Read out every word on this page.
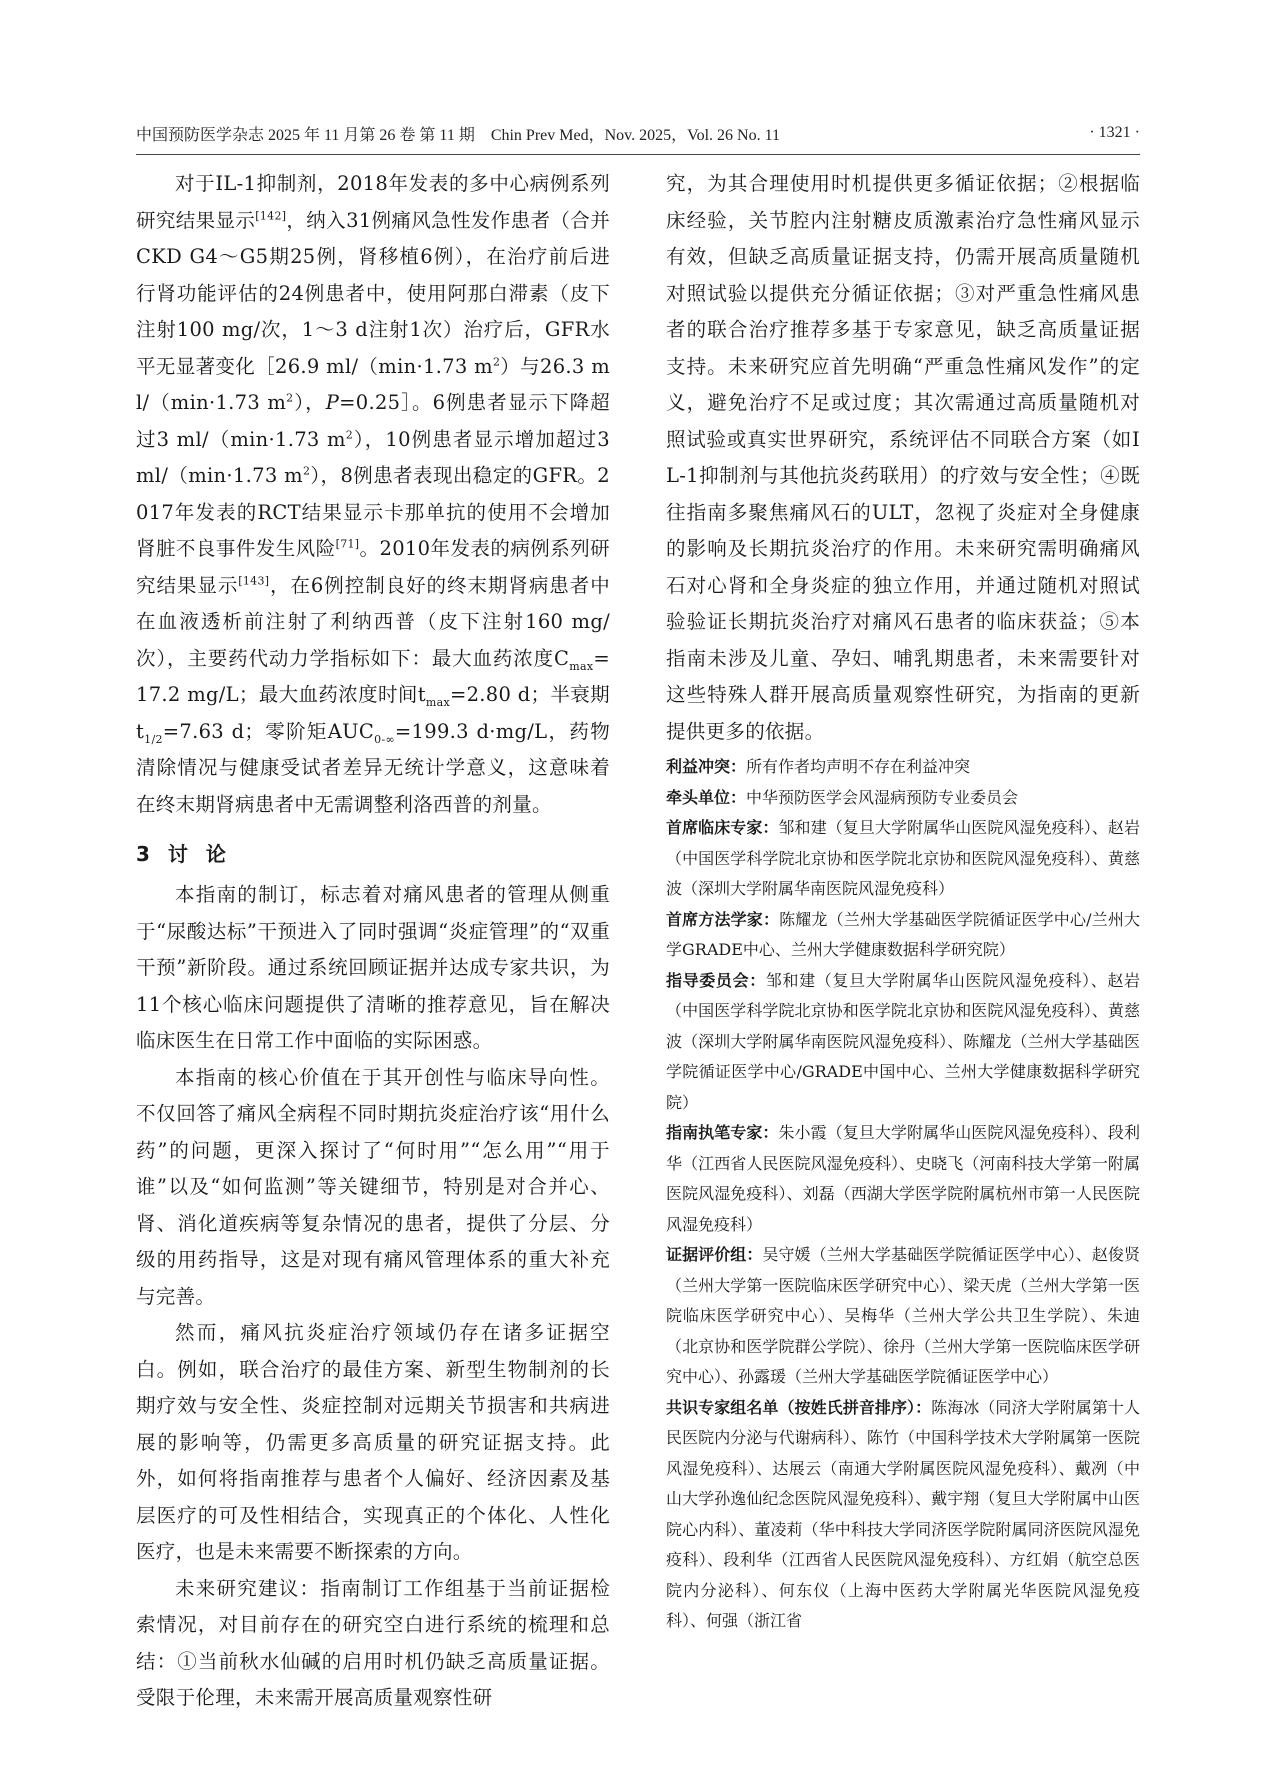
中国预防医学杂志 2025 年 11 月第 26 卷 第 11 期　Chin Prev Med，Nov. 2025，Vol. 26 No. 11	· 1321 ·

对于IL-1抑制剂，2018年发表的多中心病例系列研究结果显示[142]，纳入31例痛风急性发作患者（合并CKD G4～G5期25例，肾移植6例），在治疗前后进行肾功能评估的24例患者中，使用阿那白滞素（皮下注射100 mg/次，1～3 d注射1次）治疗后，GFR水平无显著变化［26.9 ml/（min·1.73 $m^2$）与26.3 ml/（min·1.73 $m^2$），P=0.25］。6例患者显示下降超过3 ml/（min·1.73 $m^2$），10例患者显示增加超过3 ml/（min·1.73 $m^2$），8例患者表现出稳定的GFR。2017年发表的RCT结果显示卡那单抗的使用不会增加肾脏不良事件发生风险[71]。2010年发表的病例系列研究结果显示[143]，在6例控制良好的终末期肾病患者中在血液透析前注射了利纳西普（皮下注射160 mg/次），主要药代动力学指标如下：最大血药浓度$C_{max}=17.2$ mg/L；最大血药浓度时间$t_{max}=2.80$ d；半衰期$t_{1/2}=7.63$ d；零阶矩$AUC_{0-\infty}=199.3$ d·mg/L，药物清除情况与健康受试者差异无统计学意义，这意味着在终末期肾病患者中无需调整利洛西普的剂量。

3 讨论

本指南的制订，标志着对痛风患者的管理从侧重于“尿酸达标”干预进入了同时强调“炎症管理”的“双重干预”新阶段。通过系统回顾证据并达成专家共识，为11个核心临床问题提供了清晰的推荐意见，旨在解决临床医生在日常工作中面临的实际困惑。

本指南的核心价值在于其开创性与临床导向性。不仅回答了痛风全病程不同时期抗炎症治疗该“用什么药”的问题，更深入探讨了“何时用”“怎么用”“用于谁”以及“如何监测”等关键细节，特别是对合并心、肾、消化道疾病等复杂情况的患者，提供了分层、分级的用药指导，这是对现有痛风管理体系的重大补充与完善。

然而，痛风抗炎症治疗领域仍存在诸多证据空白。例如，联合治疗的最佳方案、新型生物制剂的长期疗效与安全性、炎症控制对远期关节损害和共病进展的影响等，仍需更多高质量的研究证据支持。此外，如何将指南推荐与患者个人偏好、经济因素及基层医疗的可及性相结合，实现真正的个体化、人性化医疗，也是未来需要不断探索的方向。

未来研究建议：指南制订工作组基于当前证据检索情况，对目前存在的研究空白进行系统的梳理和总结：①当前秋水仙碱的启用时机仍缺乏高质量证据。受限于伦理，未来需开展高质量观察性研

究，为其合理使用时机提供更多循证依据；②根据临床经验，关节腔内注射糖皮质激素治疗急性痛风显示有效，但缺乏高质量证据支持，仍需开展高质量随机对照试验以提供充分循证依据；③对严重急性痛风患者的联合治疗推荐多基于专家意见，缺乏高质量证据支持。未来研究应首先明确“严重急性痛风发作”的定义，避免治疗不足或过度；其次需通过高质量随机对照试验或真实世界研究，系统评估不同联合方案（如IL-1抑制剂与其他抗炎药联用）的疗效与安全性；④既往指南多聚焦痛风石的ULT，忽视了炎症对全身健康的影响及长期抗炎治疗的作用。未来研究需明确痛风石对心肾和全身炎症的独立作用，并通过随机对照试验验证长期抗炎治疗对痛风石患者的临床获益；⑤本指南未涉及儿童、孕妇、哺乳期患者，未来需要针对这些特殊人群开展高质量观察性研究，为指南的更新提供更多的依据。

利益冲突：所有作者均声明不存在利益冲突

牵头单位：中华预防医学会风湿病预防专业委员会

首席临床专家：邹和建（复旦大学附属华山医院风湿免疫科）、赵岩（中国医学科学院北京协和医学院北京协和医院风湿免疫科）、黄慈波（深圳大学附属华南医院风湿免疫科）

首席方法学家：陈耀龙（兰州大学基础医学院循证医学中心/兰州大学GRADE中心、兰州大学健康数据科学研究院）

指导委员会：邹和建（复旦大学附属华山医院风湿免疫科）、赵岩（中国医学科学院北京协和医学院北京协和医院风湿免疫科）、黄慈波（深圳大学附属华南医院风湿免疫科）、陈耀龙（兰州大学基础医学院循证医学中心/GRADE中国中心、兰州大学健康数据科学研究院）

指南执笔专家：朱小霞（复旦大学附属华山医院风湿免疫科）、段利华（江西省人民医院风湿免疫科）、史晓飞（河南科技大学第一附属医院风湿免疫科）、刘磊（西湖大学医学院附属杭州市第一人民医院风湿免疫科）

证据评价组：吴守媛（兰州大学基础医学院循证医学中心）、赵俊贤（兰州大学第一医院临床医学研究中心）、梁天虎（兰州大学第一医院临床医学研究中心）、吴梅华（兰州大学公共卫生学院）、朱迪（北京协和医学院群公学院）、徐丹（兰州大学第一医院临床医学研究中心）、孙露瑗（兰州大学基础医学院循证医学中心）

共识专家组名单（按姓氏拼音排序）：陈海冰（同济大学附属第十人民医院内分泌与代谢病科）、陈竹（中国科学技术大学附属第一医院风湿免疫科）、达展云（南通大学附属医院风湿免疫科）、戴冽（中山大学孙逸仙纪念医院风湿免疫科）、戴宇翔（复旦大学附属中山医院心内科）、董凌莉（华中科技大学同济医学院附属同济医院风湿免疫科）、段利华（江西省人民医院风湿免疫科）、方红娟（航空总医院内分泌科）、何东仪（上海中医药大学附属光华医院风湿免疫科）、何强（浙江省
